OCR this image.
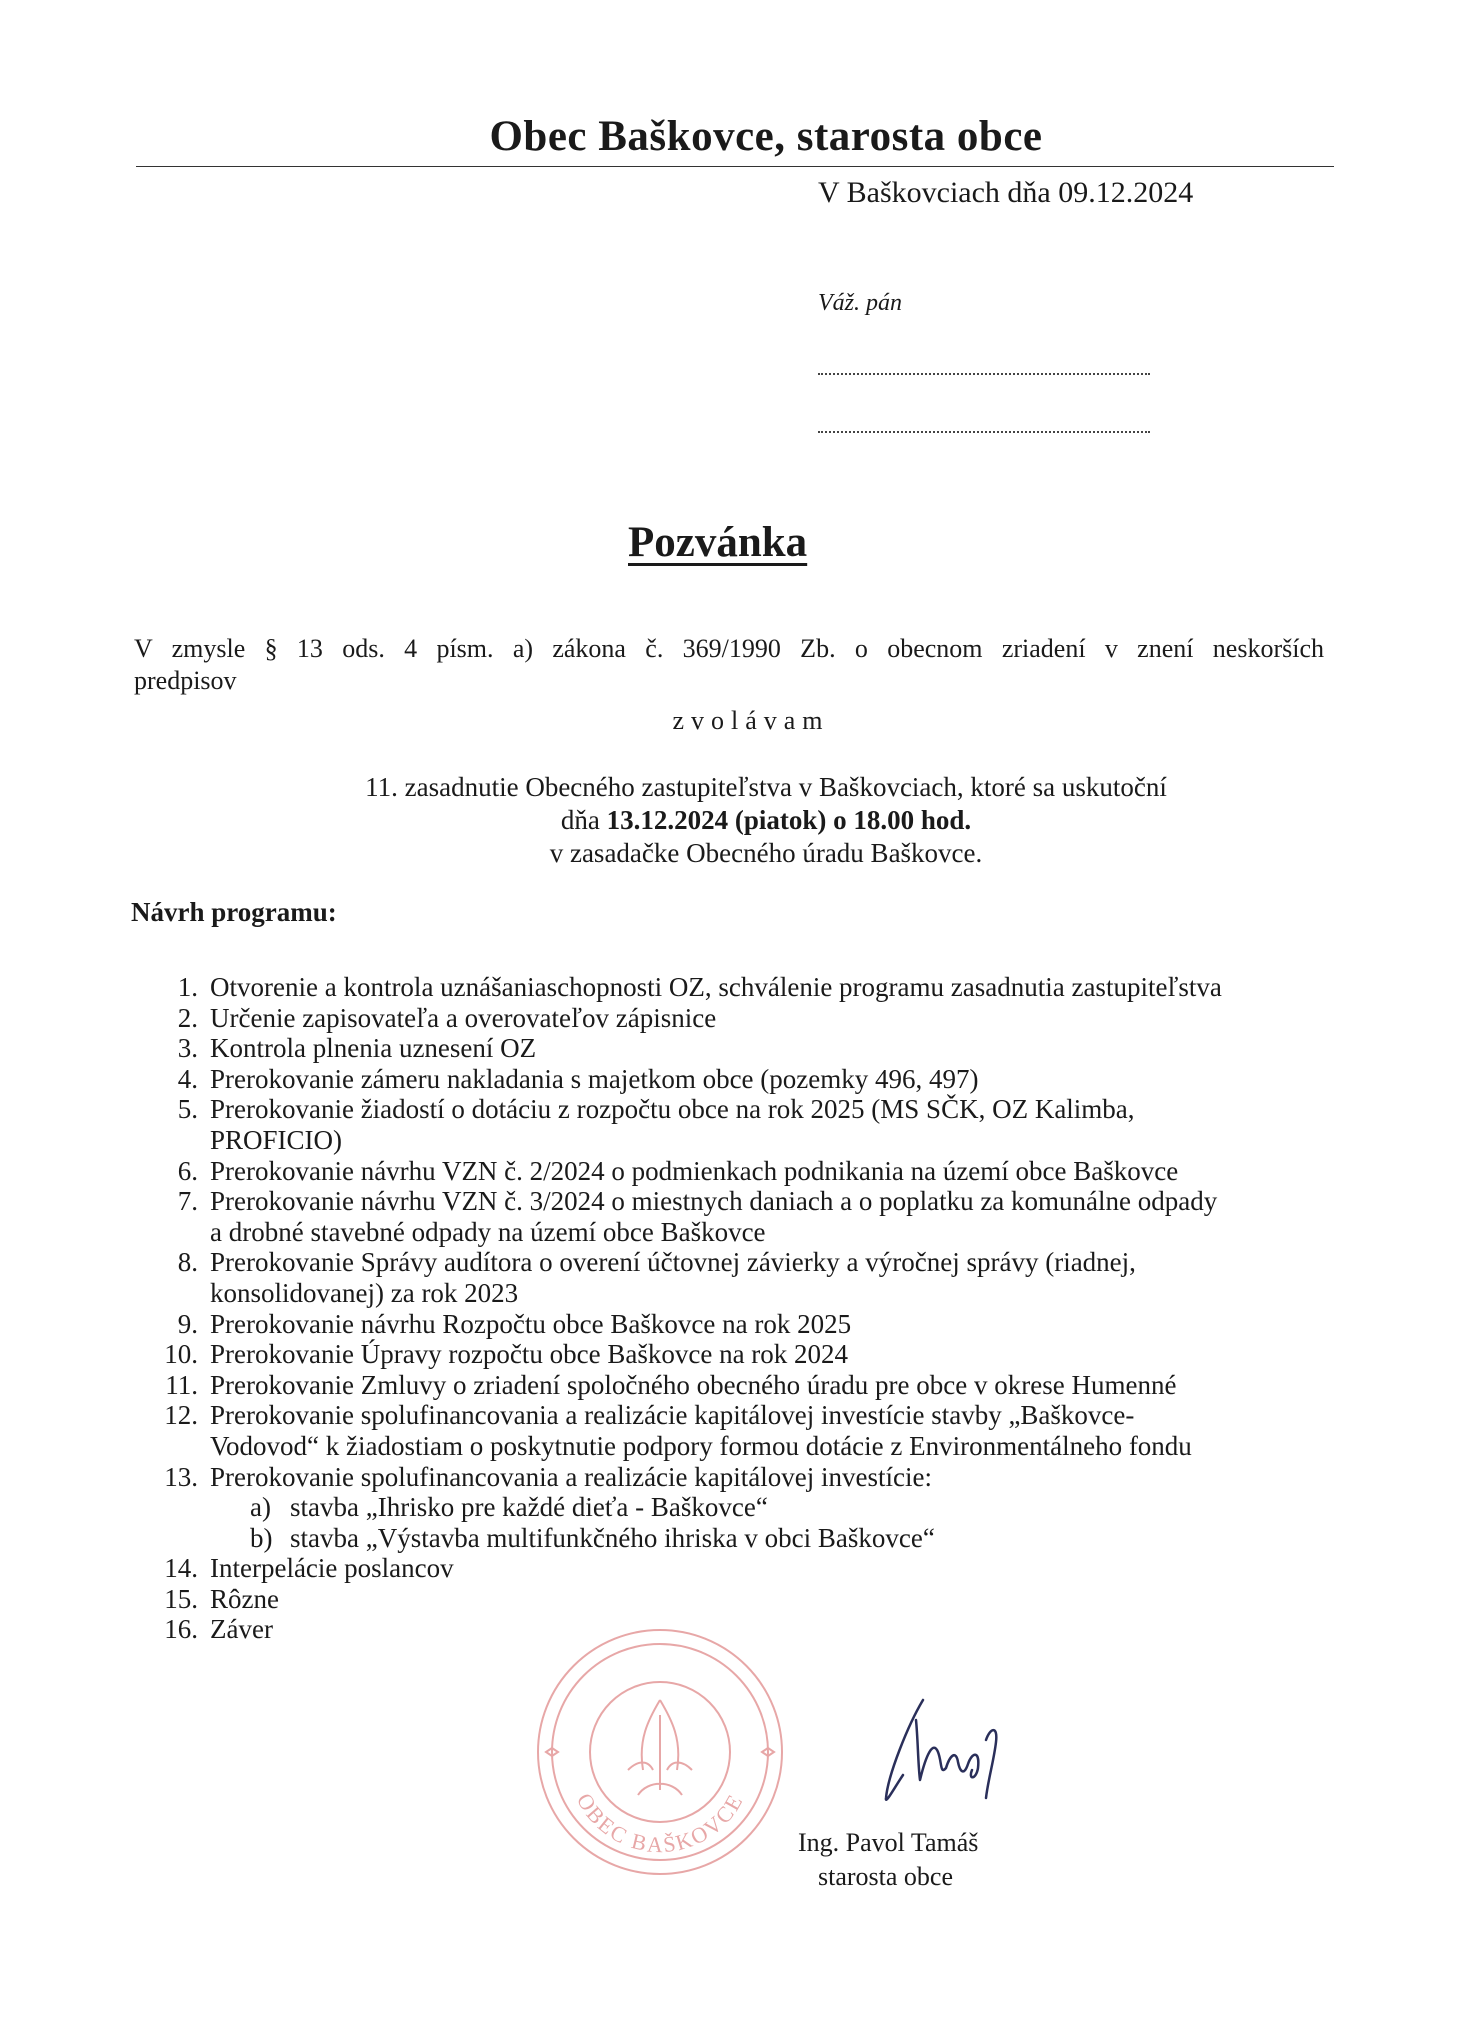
Obec Baškovce, starosta obce
V Baškovciach dňa 09.12.2024
Váž. pán
Pozvánka
V zmysle § 13 ods. 4 písm. a) zákona č. 369/1990 Zb. o obecnom zriadení v znení neskorších
predpisov
zvolávam
11. zasadnutie Obecného zastupiteľstva v Baškovciach, ktoré sa uskutoční
dňa 13.12.2024 (piatok) o 18.00 hod.
v zasadačke Obecného úradu Baškovce.
Návrh programu:
1. Otvorenie a kontrola uznášaniaschopnosti OZ, schválenie programu zasadnutia zastupiteľstva
2. Určenie zapisovateľa a overovateľov zápisnice
3. Kontrola plnenia uznesení OZ
4. Prerokovanie zámeru nakladania s majetkom obce (pozemky 496, 497)
5. Prerokovanie žiadostí o dotáciu z rozpočtu obce na rok 2025 (MS SČK, OZ Kalimba,
PROFICIO)
6. Prerokovanie návrhu VZN č. 2/2024 o podmienkach podnikania na území obce Baškovce
7. Prerokovanie návrhu VZN č. 3/2024 o miestnych daniach a o poplatku za komunálne odpady
a drobné stavebné odpady na území obce Baškovce
8. Prerokovanie Správy audítora o overení účtovnej závierky a výročnej správy (riadnej,
konsolidovanej) za rok 2023
9. Prerokovanie návrhu Rozpočtu obce Baškovce na rok 2025
10. Prerokovanie Úpravy rozpočtu obce Baškovce na rok 2024
11. Prerokovanie Zmluvy o zriadení spoločného obecného úradu pre obce v okrese Humenné
12. Prerokovanie spolufinancovania a realizácie kapitálovej investície stavby „Baškovce-
Vodovod“ k žiadostiam o poskytnutie podpory formou dotácie z Environmentálneho fondu
13. Prerokovanie spolufinancovania a realizácie kapitálovej investície:
a) stavba „Ihrisko pre každé dieťa - Baškovce“
b) stavba „Výstavba multifunkčného ihriska v obci Baškovce“
14. Interpelácie poslancov
15. Rôzne
16. Záver
OBEC BAŠKOVCE
Ing. Pavol Tamáš
starosta obce
